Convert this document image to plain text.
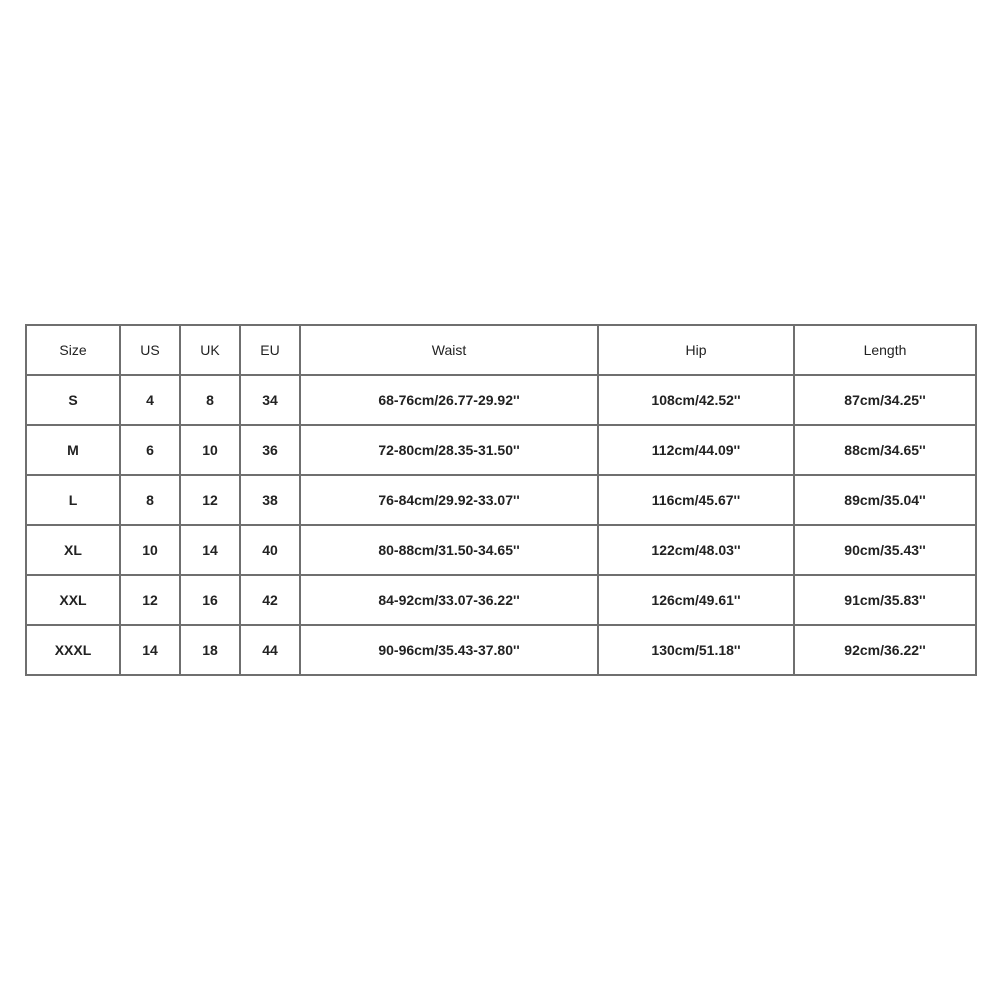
Size	US	UK	EU	Waist	Hip	Length
S	4	8	34	68-76cm/26.77-29.92''	108cm/42.52''	87cm/34.25''
M	6	10	36	72-80cm/28.35-31.50''	112cm/44.09''	88cm/34.65''
L	8	12	38	76-84cm/29.92-33.07''	116cm/45.67''	89cm/35.04''
XL	10	14	40	80-88cm/31.50-34.65''	122cm/48.03''	90cm/35.43''
XXL	12	16	42	84-92cm/33.07-36.22''	126cm/49.61''	91cm/35.83''
XXXL	14	18	44	90-96cm/35.43-37.80''	130cm/51.18''	92cm/36.22''
